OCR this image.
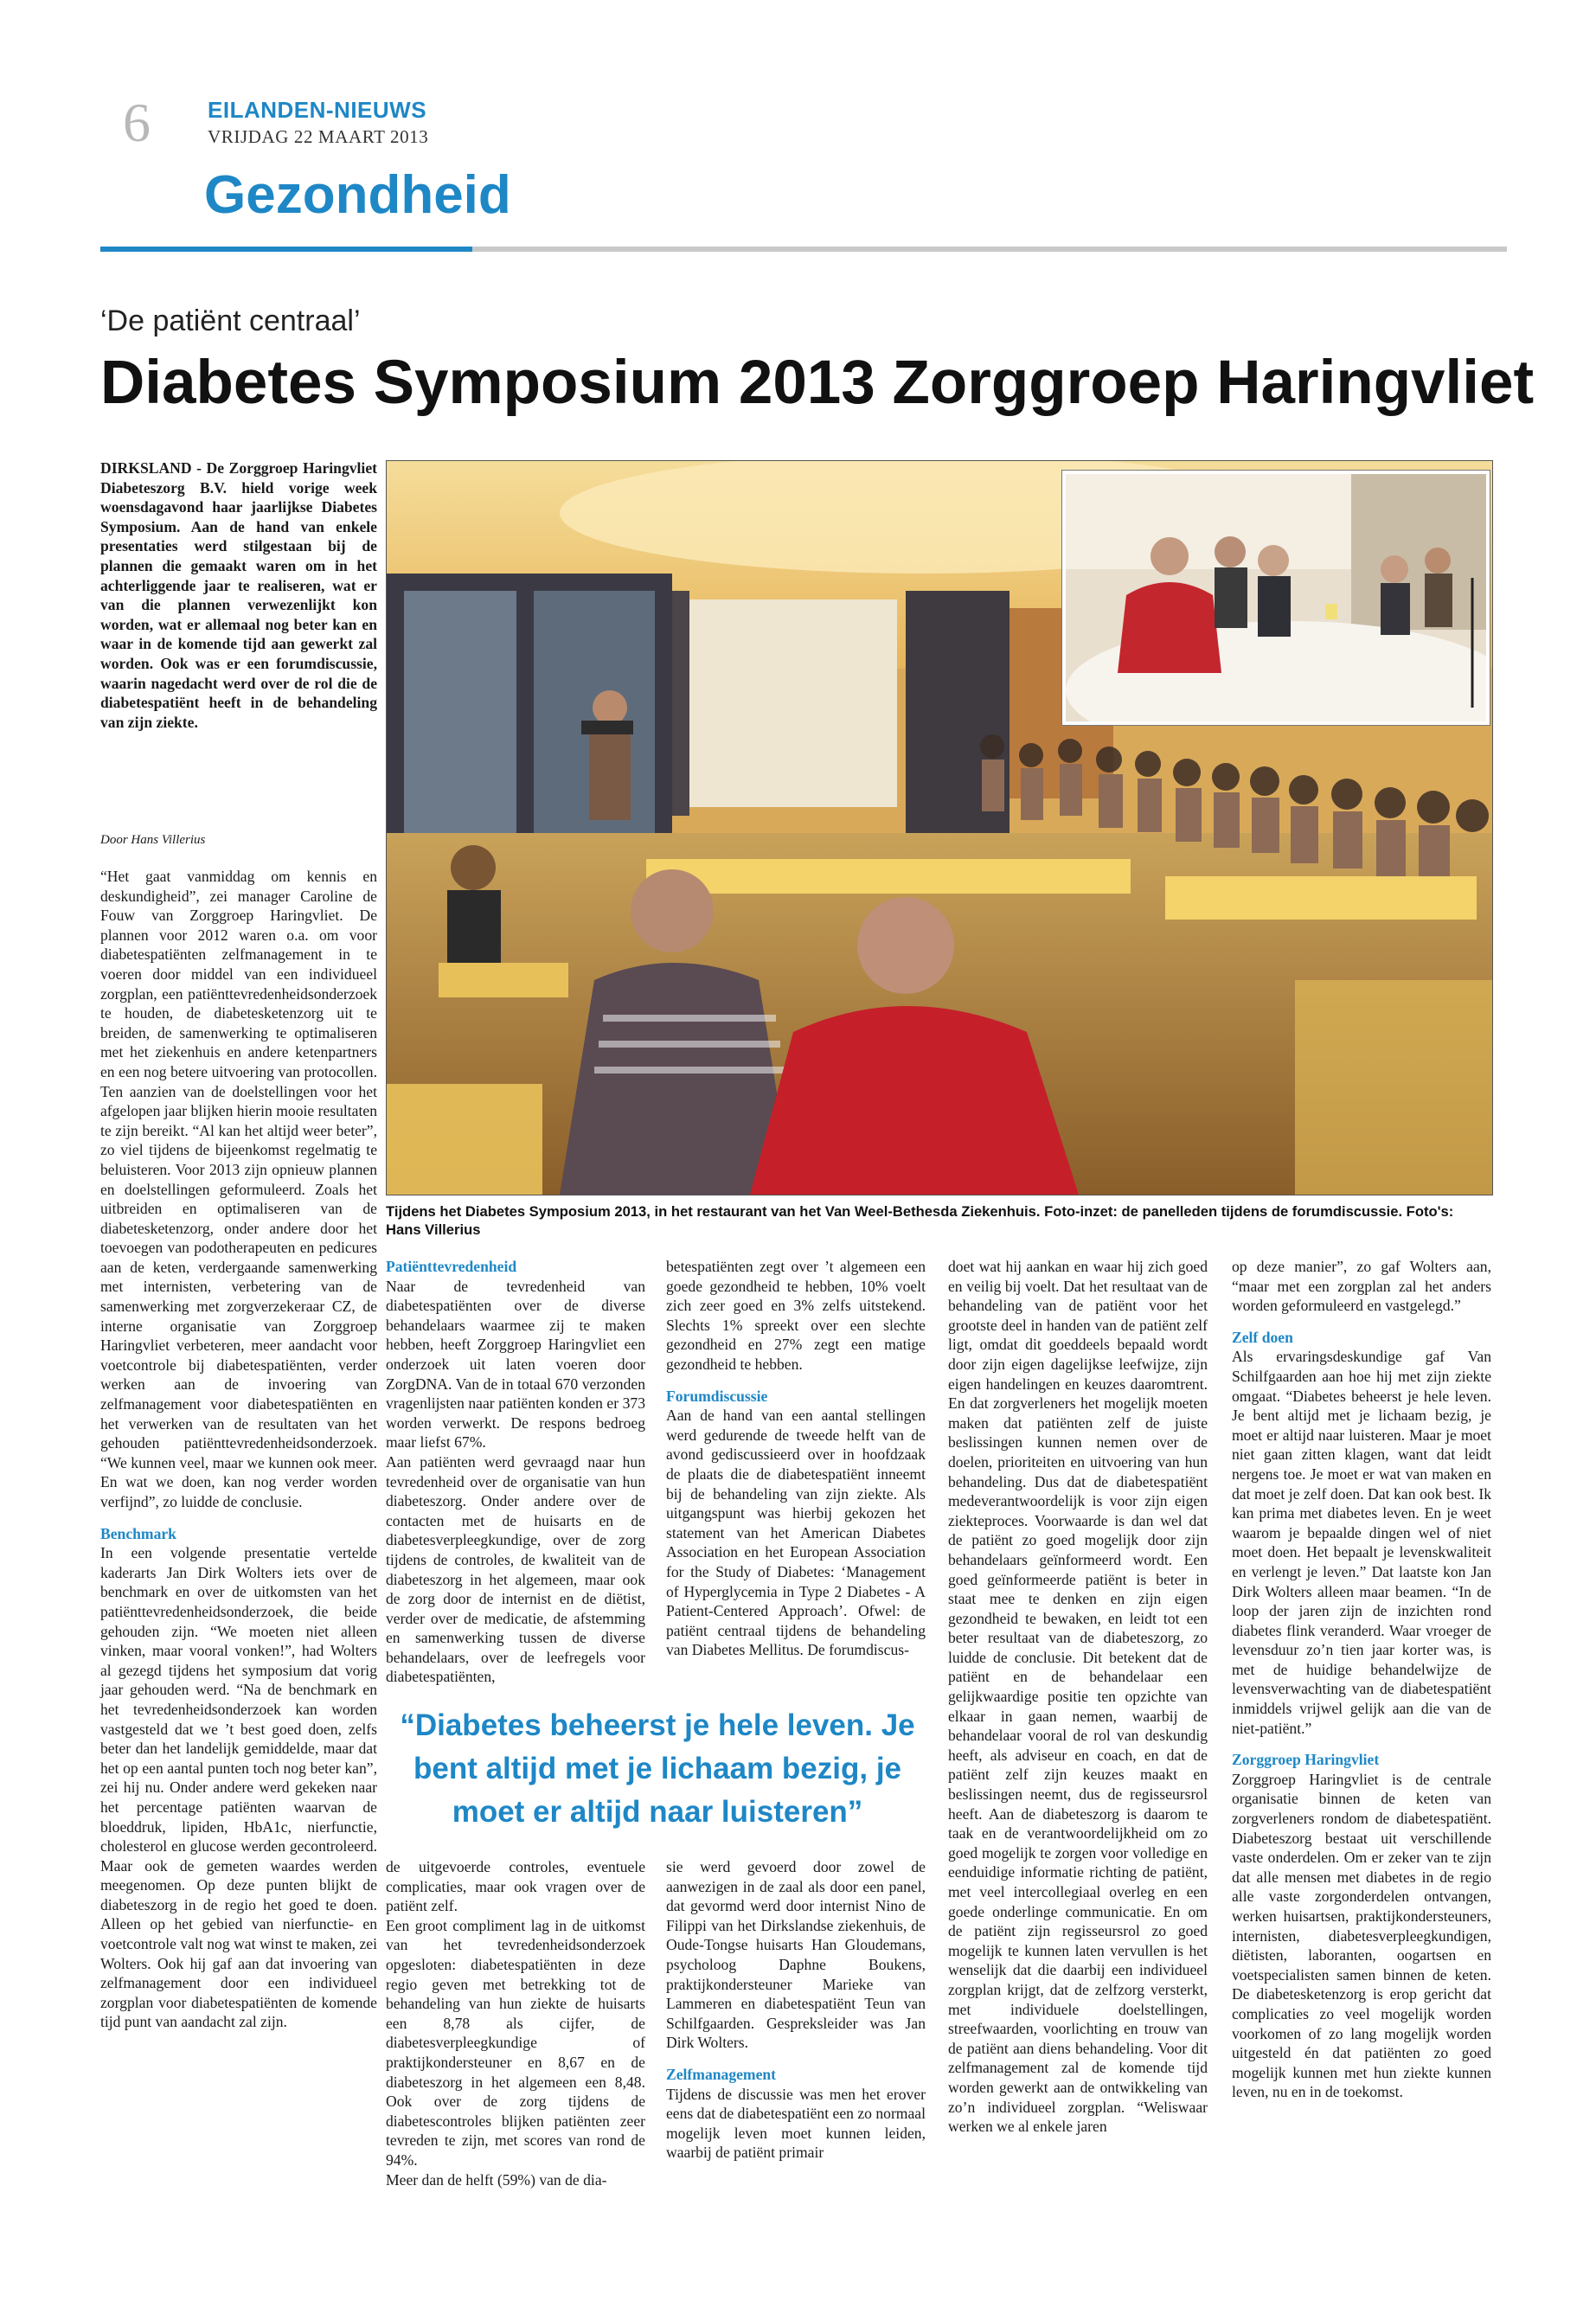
6	EILANDEN-NIEUWS
VRIJDAG 22 MAART 2013
Gezondheid
‘De patiënt centraal’
Diabetes Symposium 2013 Zorggroep Haringvliet
DIRKSLAND - De Zorggroep Haringvliet Diabeteszorg B.V. hield vorige week woensdagavond haar jaarlijkse Diabetes Symposium. Aan de hand van enkele presentaties werd stilgestaan bij de plannen die gemaakt waren om in het achterliggende jaar te realiseren, wat er van die plannen verwezenlijkt kon worden, wat er allemaal nog beter kan en waar in de komende tijd aan gewerkt zal worden. Ook was er een forumdiscussie, waarin nagedacht werd over de rol die de diabetespatiënt heeft in de behandeling van zijn ziekte.
Door Hans Villerius

“Het gaat vanmiddag om kennis en deskundigheid”, zei manager Caroline de Fouw van Zorggroep Haringvliet. De plannen voor 2012 waren o.a. om voor diabetespatiënten zelfmanagement in te voeren door middel van een individueel zorgplan, een patiënttevredenheidsonderzoek te houden, de diabetesketenzorg uit te breiden, de samenwerking te optimaliseren met het ziekenhuis en andere ketenpartners en een nog betere uitvoering van protocollen. Ten aanzien van de doelstellingen voor het afgelopen jaar blijken hierin mooie resultaten te zijn bereikt. “Al kan het altijd weer beter”, zo viel tijdens de bijeenkomst regelmatig te beluisteren. Voor 2013 zijn opnieuw plannen en doelstellingen geformuleerd. Zoals het uitbreiden en optimaliseren van de diabetesketenzorg, onder andere door het toevoegen van podotherapeuten en pedicures aan de keten, verdergaande samenwerking met internisten, verbetering van de samenwerking met zorgverzekeraar CZ, de interne organisatie van Zorggroep Haringvliet verbeteren, meer aandacht voor voetcontrole bij diabetespatiënten, verder werken aan de invoering van zelfmanagement voor diabetespatiënten en het verwerken van de resultaten van het gehouden patiënttevredenheidsonderzoek. “We kunnen veel, maar we kunnen ook meer. En wat we doen, kan nog verder worden verfijnd”, zo luidde de conclusie.

Benchmark

In een volgende presentatie vertelde kaderarts Jan Dirk Wolters iets over de benchmark en over de uitkomsten van het patiënttevredenheidsonderzoek, die beide gehouden zijn. “We moeten niet alleen vinken, maar vooral vonken!”, had Wolters al gezegd tijdens het symposium dat vorig jaar gehouden werd. “Na de benchmark en het tevredenheidsonderzoek kan worden vastgesteld dat we ’t best goed doen, zelfs beter dan het landelijk gemiddelde, maar dat het op een aantal punten toch nog beter kan”, zei hij nu. Onder andere werd gekeken naar het percentage patiënten waarvan de bloeddruk, lipiden, HbA1c, nierfunctie, cholesterol en glucose werden gecontroleerd. Maar ook de gemeten waardes werden meegenomen. Op deze punten blijkt de diabeteszorg in de regio het goed te doen. Alleen op het gebied van nierfunctie- en voetcontrole valt nog wat winst te maken, zei Wolters. Ook hij gaf aan dat invoering van zelfmanagement door een individueel zorgplan voor diabetespatiënten de komende tijd punt van aandacht zal zijn.

Tijdens het Diabetes Symposium 2013, in het restaurant van het Van Weel-Bethesda Ziekenhuis. Foto-inzet: de panelleden tijdens de forumdiscussie. Foto's: Hans Villerius

Patiënttevredenheid

Naar de tevredenheid van diabetespatiënten over de diverse behandelaars waarmee zij te maken hebben, heeft Zorggroep Haringvliet een onderzoek uit laten voeren door ZorgDNA. Van de in totaal 670 verzonden vragenlijsten naar patiënten konden er 373 worden verwerkt. De respons bedroeg maar liefst 67%.

Aan patiënten werd gevraagd naar hun tevredenheid over de organisatie van hun diabeteszorg. Onder andere over de contacten met de huisarts en de diabetesverpleegkundige, over de zorg tijdens de controles, de kwaliteit van de diabeteszorg in het algemeen, maar ook de zorg door de internist en de diëtist, verder over de medicatie, de afstemming en samenwerking tussen de diverse behandelaars, over de leefregels voor diabetespatiënten,

de uitgevoerde controles, eventuele complicaties, maar ook vragen over de patiënt zelf.

Een groot compliment lag in de uitkomst van het tevredenheidsonderzoek opgesloten: diabetespatiënten in deze regio geven met betrekking tot de behandeling van hun ziekte de huisarts een 8,78 als cijfer, de diabetesverpleegkundige of praktijkondersteuner en 8,67 en de diabeteszorg in het algemeen een 8,48. Ook over de zorg tijdens de diabetescontroles blijken patiënten zeer tevreden te zijn, met scores van rond de 94%.

Meer dan de helft (59%) van de dia-

betespatiënten zegt over ’t algemeen een goede gezondheid te hebben, 10% voelt zich zeer goed en 3% zelfs uitstekend. Slechts 1% spreekt over een slechte gezondheid en 27% zegt een matige gezondheid te hebben.

Forumdiscussie

Aan de hand van een aantal stellingen werd gedurende de tweede helft van de avond gediscussieerd over in hoofdzaak de plaats die de diabetespatiënt inneemt bij de behandeling van zijn ziekte. Als uitgangspunt was hierbij gekozen het statement van het American Diabetes Association en het European Association for the Study of Diabetes: ‘Management of Hyperglycemia in Type 2 Diabetes - A Patient-Centered Approach’. Ofwel: de patiënt centraal tijdens de behandeling van Diabetes Mellitus. De forumdiscus-

sie werd gevoerd door zowel de aanwezigen in de zaal als door een panel, dat gevormd werd door internist Nino de Filippi van het Dirkslandse ziekenhuis, de Oude-Tongse huisarts Han Gloudemans, psycholoog Daphne Boukens, praktijkondersteuner Marieke van Lammeren en diabetespatiënt Teun van Schilfgaarden. Gespreksleider was Jan Dirk Wolters.

Zelfmanagement

Tijdens de discussie was men het erover eens dat de diabetespatiënt een zo normaal mogelijk leven moet kunnen leiden, waarbij de patiënt primair

“Diabetes beheerst je hele leven. Je bent altijd met je lichaam bezig, je moet er altijd naar luisteren”

doet wat hij aankan en waar hij zich goed en veilig bij voelt. Dat het resultaat van de behandeling van de patiënt voor het grootste deel in handen van de patiënt zelf ligt, omdat dit goeddeels bepaald wordt door zijn eigen dagelijkse leefwijze, zijn eigen handelingen en keuzes daaromtrent. En dat zorgverleners het mogelijk moeten maken dat patiënten zelf de juiste beslissingen kunnen nemen over de doelen, prioriteiten en uitvoering van hun behandeling. Dus dat de diabetespatiënt medeverantwoordelijk is voor zijn eigen ziekteproces. Voorwaarde is dan wel dat de patiënt zo goed mogelijk door zijn behandelaars geïnformeerd wordt. Een goed geïnformeerde patiënt is beter in staat mee te denken en zijn eigen gezondheid te bewaken, en leidt tot een beter resultaat van de diabeteszorg, zo luidde de conclusie. Dit betekent dat de patiënt en de behandelaar een gelijkwaardige positie ten opzichte van elkaar in gaan nemen, waarbij de behandelaar vooral de rol van deskundig heeft, als adviseur en coach, en dat de patiënt zelf zijn keuzes maakt en beslissingen neemt, dus de regisseursrol heeft. Aan de diabeteszorg is daarom te taak en de verantwoordelijkheid om zo goed mogelijk te zorgen voor volledige en eenduidige informatie richting de patiënt, met veel intercollegiaal overleg en een goede onderlinge communicatie. En om de patiënt zijn regisseursrol zo goed mogelijk te kunnen laten vervullen is het wenselijk dat die daarbij een individueel zorgplan krijgt, dat de zelfzorg versterkt, met individuele doelstellingen, streefwaarden, voorlichting en trouw van de patiënt aan diens behandeling. Voor dit zelfmanagement zal de komende tijd worden gewerkt aan de ontwikkeling van zo’n individueel zorgplan. “Weliswaar werken we al enkele jaren

op deze manier”, zo gaf Wolters aan, “maar met een zorgplan zal het anders worden geformuleerd en vastgelegd.”

Zelf doen

Als ervaringsdeskundige gaf Van Schilfgaarden aan hoe hij met zijn ziekte omgaat. “Diabetes beheerst je hele leven. Je bent altijd met je lichaam bezig, je moet er altijd naar luisteren. Maar je moet niet gaan zitten klagen, want dat leidt nergens toe. Je moet er wat van maken en dat moet je zelf doen. Dat kan ook best. Ik kan prima met diabetes leven. En je weet waarom je bepaalde dingen wel of niet moet doen. Het bepaalt je levenskwaliteit en verlengt je leven.” Dat laatste kon Jan Dirk Wolters alleen maar beamen. “In de loop der jaren zijn de inzichten rond diabetes flink veranderd. Waar vroeger de levensduur zo’n tien jaar korter was, is met de huidige behandelwijze de levensverwachting van de diabetespatiënt inmiddels vrijwel gelijk aan die van de niet-patiënt.”

Zorggroep Haringvliet

Zorggroep Haringvliet is de centrale organisatie binnen de keten van zorgverleners rondom de diabetespatiënt. Diabeteszorg bestaat uit verschillende vaste onderdelen. Om er zeker van te zijn dat alle mensen met diabetes in de regio alle vaste zorgonderdelen ontvangen, werken huisartsen, praktijkondersteuners, internisten, diabetesverpleegkundigen, diëtisten, laboranten, oogartsen en voetspecialisten samen binnen de keten. De diabetesketenzorg is erop gericht dat complicaties zo veel mogelijk worden voorkomen of zo lang mogelijk worden uitgesteld én dat patiënten zo goed mogelijk kunnen met hun ziekte kunnen leven, nu en in de toekomst.
